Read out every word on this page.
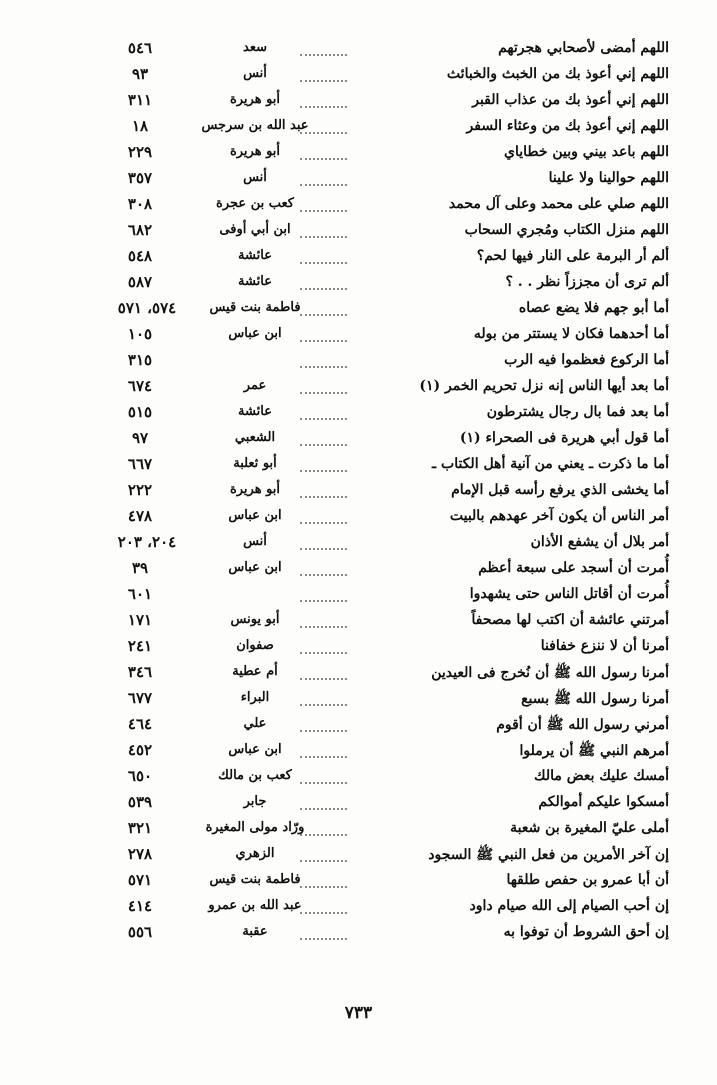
اللهم أمضى لأصحابي هجرتهم
سعد
٥٤٦
اللهم إني أعوذ بك من الخبث والخبائث
أنس
٩٣
اللهم إني أعوذ بك من عذاب القبر
أبو هريرة
٣١١
اللهم إني أعوذ بك من وعثاء السفر
عبد الله بن سرجس
١٨
اللهم باعد بيني وبين خطاياي
أبو هريرة
٢٢٩
اللهم حوالينا ولا علينا
أنس
٣٥٧
اللهم صلي على محمد وعلى آل محمد
كعب بن عجرة
٣٠٨
اللهم منزل الكتاب ومُجري السحاب
ابن أبي أوفى
٦٨٢
ألم أر البرمة على النار فيها لحم؟
عائشة
٥٤٨
ألم ترى أن مجززاً نظر . . ؟
عائشة
٥٨٧
أما أبو جهم فلا يضع عصاه
فاطمة بنت قيس
٥٧٤، ٥٧١
أما أحدهما فكان لا يستتر من بوله
ابن عباس
١٠٥
أما الركوع فعظموا فيه الرب
٣١٥
أما بعد أيها الناس إنه نزل تحريم الخمر (١)
عمر
٦٧٤
أما بعد فما بال رجال يشترطون
عائشة
٥١٥
أما قول أبي هريرة فى الصحراء (١)
الشعبي
٩٧
أما ما ذكرت ـ يعني من آنية أهل الكتاب ـ
أبو ثعلبة
٦٦٧
أما يخشى الذي يرفع رأسه قبل الإمام
أبو هريرة
٢٢٢
أمر الناس أن يكون آخر عهدهم بالبيت
ابن عباس
٤٧٨
أمر بلال أن يشفع الأذان
أنس
٢٠٤، ٢٠٣
أُمرت أن أسجد على سبعة أعظم
ابن عباس
٣٩
أُمرت أن أقاتل الناس حتى يشهدوا
٦٠١
أمرتني عائشة أن اكتب لها مصحفاً
أبو يونس
١٧١
أمرنا أن لا ننزع خفافنا
صفوان
٢٤١
أمرنا رسول الله ﷺ أن نُخرج فى العيدين
أم عطية
٣٤٦
أمرنا رسول الله ﷺ بسبع
البراء
٦٧٧
أمرني رسول الله ﷺ أن أقوم
علي
٤٦٤
أمرهم النبي ﷺ أن يرملوا
ابن عباس
٤٥٢
أمسك عليك بعض مالك
كعب بن مالك
٦٥٠
أمسكوا عليكم أموالكم
جابر
٥٣٩
أملى عليّ المغيرة بن شعبة
ورّاد مولى المغيرة
٣٢١
إن آخر الأمرين من فعل النبي ﷺ السجود
الزهري
٢٧٨
أن أبا عمرو بن حفص طلقها
فاطمة بنت قيس
٥٧١
إن أحب الصيام إلى الله صيام داود
عبد الله بن عمرو
٤١٤
إن أحق الشروط أن توفوا به
عقبة
٥٥٦
٧٣٣
